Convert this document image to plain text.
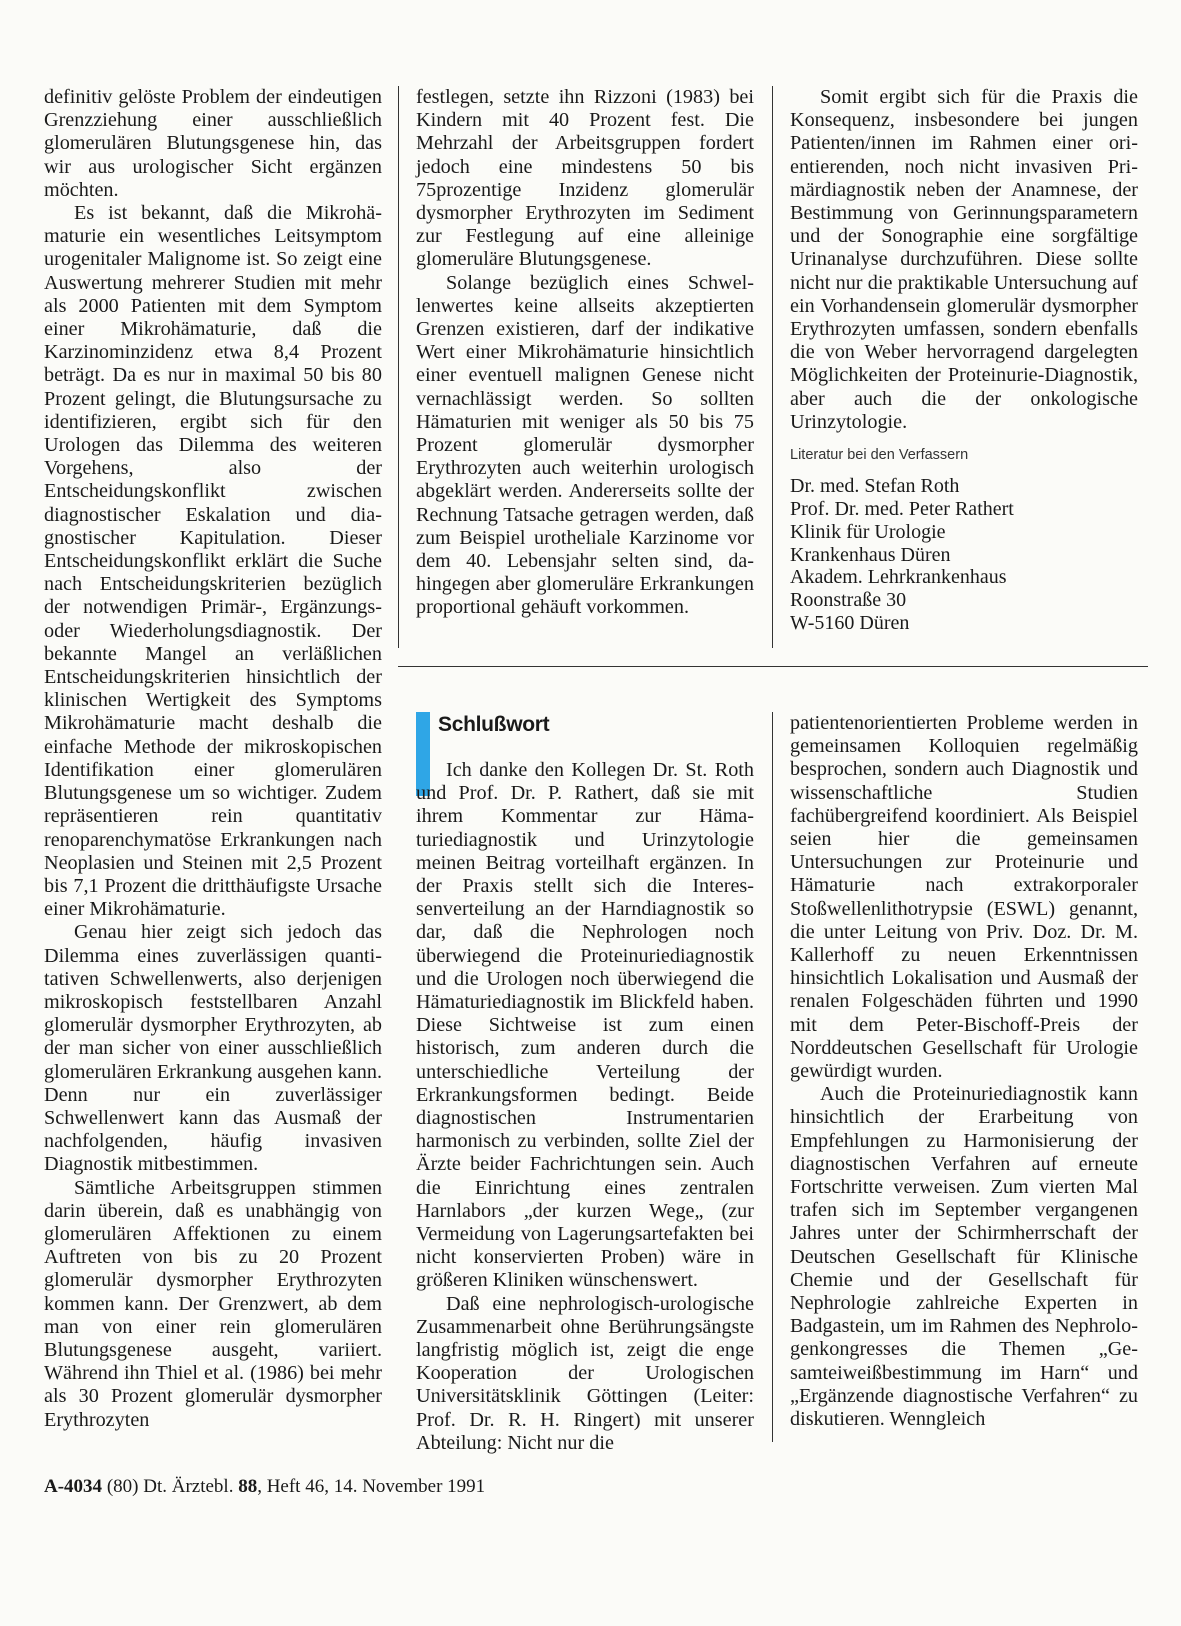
definitiv gelöste Problem der eindeutigen Grenzziehung einer ausschließlich glomerulären Blutungsgenese hin, das wir aus urologischer Sicht ergänzen möchten.

Es ist bekannt, daß die Mikrohämaturie ein wesentliches Leitsymptom urogenitaler Malignome ist. So zeigt eine Auswertung mehrerer Studien mit mehr als 2000 Patienten mit dem Symptom einer Mikrohämaturie, daß die Karzinominzidenz etwa 8,4 Prozent beträgt. Da es nur in maximal 50 bis 80 Prozent gelingt, die Blutungsursache zu identifizieren, ergibt sich für den Urologen das Dilemma des weiteren Vorgehens, also der Entscheidungskonflikt zwischen diagnostischer Eskalation und diagnostischer Kapitulation. Dieser Entscheidungskonflikt erklärt die Suche nach Entscheidungskriterien bezüglich der notwendigen Primär-, Ergänzungsoder Wiederholungsdiagnostik. Der bekannte Mangel an verläßlichen Entscheidungskriterien hinsichtlich der klinischen Wertigkeit des Symptoms Mikrohämaturie macht deshalb die einfache Methode der mikroskopischen Identifikation einer glomerulären Blutungsgenese um so wichtiger. Zudem repräsentieren rein quantitativ renoparenchymatöse Erkrankungen nach Neoplasien und Steinen mit 2,5 Prozent bis 7,1 Prozent die dritthäufigste Ursache einer Mikrohämaturie.

Genau hier zeigt sich jedoch das Dilemma eines zuverlässigen quantitativen Schwellenwerts, also derjenigen mikroskopisch feststellbaren Anzahl glomerulär dysmorpher Erythrozyten, ab der man sicher von einer ausschließlich glomerulären Erkrankung ausgehen kann. Denn nur ein zuverlässiger Schwellenwert kann das Ausmaß der nachfolgenden, häufig invasiven Diagnostik mitbestimmen.

Sämtliche Arbeitsgruppen stimmen darin überein, daß es unabhängig von glomerulären Affektionen zu einem Auftreten von bis zu 20 Prozent glomerulär dysmorpher Erythrozyten kommen kann. Der Grenzwert, ab dem man von einer rein glomerulären Blutungsgenese ausgeht, variiert. Während ihn Thiel et al. (1986) bei mehr als 30 Prozent glomerulär dysmorpher Erythrozyten

festlegen, setzte ihn Rizzoni (1983) bei Kindern mit 40 Prozent fest. Die Mehrzahl der Arbeitsgruppen fordert jedoch eine mindestens 50 bis 75prozentige Inzidenz glomerulär dysmorpher Erythrozyten im Sediment zur Festlegung auf eine alleinige glomeruläre Blutungsgenese.

Solange bezüglich eines Schwellenwertes keine allseits akzeptierten Grenzen existieren, darf der indikative Wert einer Mikrohämaturie hinsichtlich einer eventuell malignen Genese nicht vernachlässigt werden. So sollten Hämaturien mit weniger als 50 bis 75 Prozent glomerulär dysmorpher Erythrozyten auch weiterhin urologisch abgeklärt werden. Andererseits sollte der Rechnung Tatsache getragen werden, daß zum Beispiel urotheliale Karzinome vor dem 40. Lebensjahr selten sind, dahingegen aber glomeruläre Erkrankungen proportional gehäuft vorkommen.

Somit ergibt sich für die Praxis die Konsequenz, insbesondere bei jungen Patienten/innen im Rahmen einer orientierenden, noch nicht invasiven Primärdiagnostik neben der Anamnese, der Bestimmung von Gerinnungsparametern und der Sonographie eine sorgfältige Urinanalyse durchzuführen. Diese sollte nicht nur die praktikable Untersuchung auf ein Vorhandensein glomerulär dysmorpher Erythrozyten umfassen, sondern ebenfalls die von Weber hervorragend dargelegten Möglichkeiten der Proteinurie-Diagnostik, aber auch die der onkologische Urinzytologie.

Literatur bei den Verfassern

Dr. med. Stefan Roth
Prof. Dr. med. Peter Rathert
Klinik für Urologie
Krankenhaus Düren
Akadem. Lehrkrankenhaus
Roonstraße 30
W-5160 Düren
Schlußwort

Ich danke den Kollegen Dr. St. Roth und Prof. Dr. P. Rathert, daß sie mit ihrem Kommentar zur Hämaturiediagnostik und Urinzytologie meinen Beitrag vorteilhaft ergänzen. In der Praxis stellt sich die Interessenverteilung an der Harndiagnostik so dar, daß die Nephrologen noch überwiegend die Proteinuriediagnostik und die Urologen noch überwiegend die Hämaturiediagnostik im Blickfeld haben. Diese Sichtweise ist zum einen historisch, zum anderen durch die unterschiedliche Verteilung der Erkrankungsformen bedingt. Beide diagnostischen Instrumentarien harmonisch zu verbinden, sollte Ziel der Ärzte beider Fachrichtungen sein. Auch die Einrichtung eines zentralen Harnlabors „der kurzen Wege„ (zur Vermeidung von Lagerungsartefakten bei nicht konservierten Proben) wäre in größeren Kliniken wünschenswert.

Daß eine nephrologisch-urologische Zusammenarbeit ohne Berührungsängste langfristig möglich ist, zeigt die enge Kooperation der Urologischen Universitätsklinik Göttingen (Leiter: Prof. Dr. R. H. Ringert) mit unserer Abteilung: Nicht nur die

patientenorientierten Probleme werden in gemeinsamen Kolloquien regelmäßig besprochen, sondern auch Diagnostik und wissenschaftliche Studien fachübergreifend koordiniert. Als Beispiel seien hier die gemeinsamen Untersuchungen zur Proteinurie und Hämaturie nach extrakorporaler Stoßwellenlithotrypsie (ESWL) genannt, die unter Leitung von Priv. Doz. Dr. M. Kallerhoff zu neuen Erkenntnissen hinsichtlich Lokalisation und Ausmaß der renalen Folgeschäden führten und 1990 mit dem Peter-Bischoff-Preis der Norddeutschen Gesellschaft für Urologie gewürdigt wurden.

Auch die Proteinuriediagnostik kann hinsichtlich der Erarbeitung von Empfehlungen zu Harmonisierung der diagnostischen Verfahren auf erneute Fortschritte verweisen. Zum vierten Mal trafen sich im September vergangenen Jahres unter der Schirmherrschaft der Deutschen Gesellschaft für Klinische Chemie und der Gesellschaft für Nephrologie zahlreiche Experten in Badgastein, um im Rahmen des Nephrologenkongresses die Themen „Gesamteiweißbestimmung im Harn“ und „Ergänzende diagnostische Verfahren“ zu diskutieren. Wenngleich

A-4034 (80) Dt. Ärztebl. 88, Heft 46, 14. November 1991
